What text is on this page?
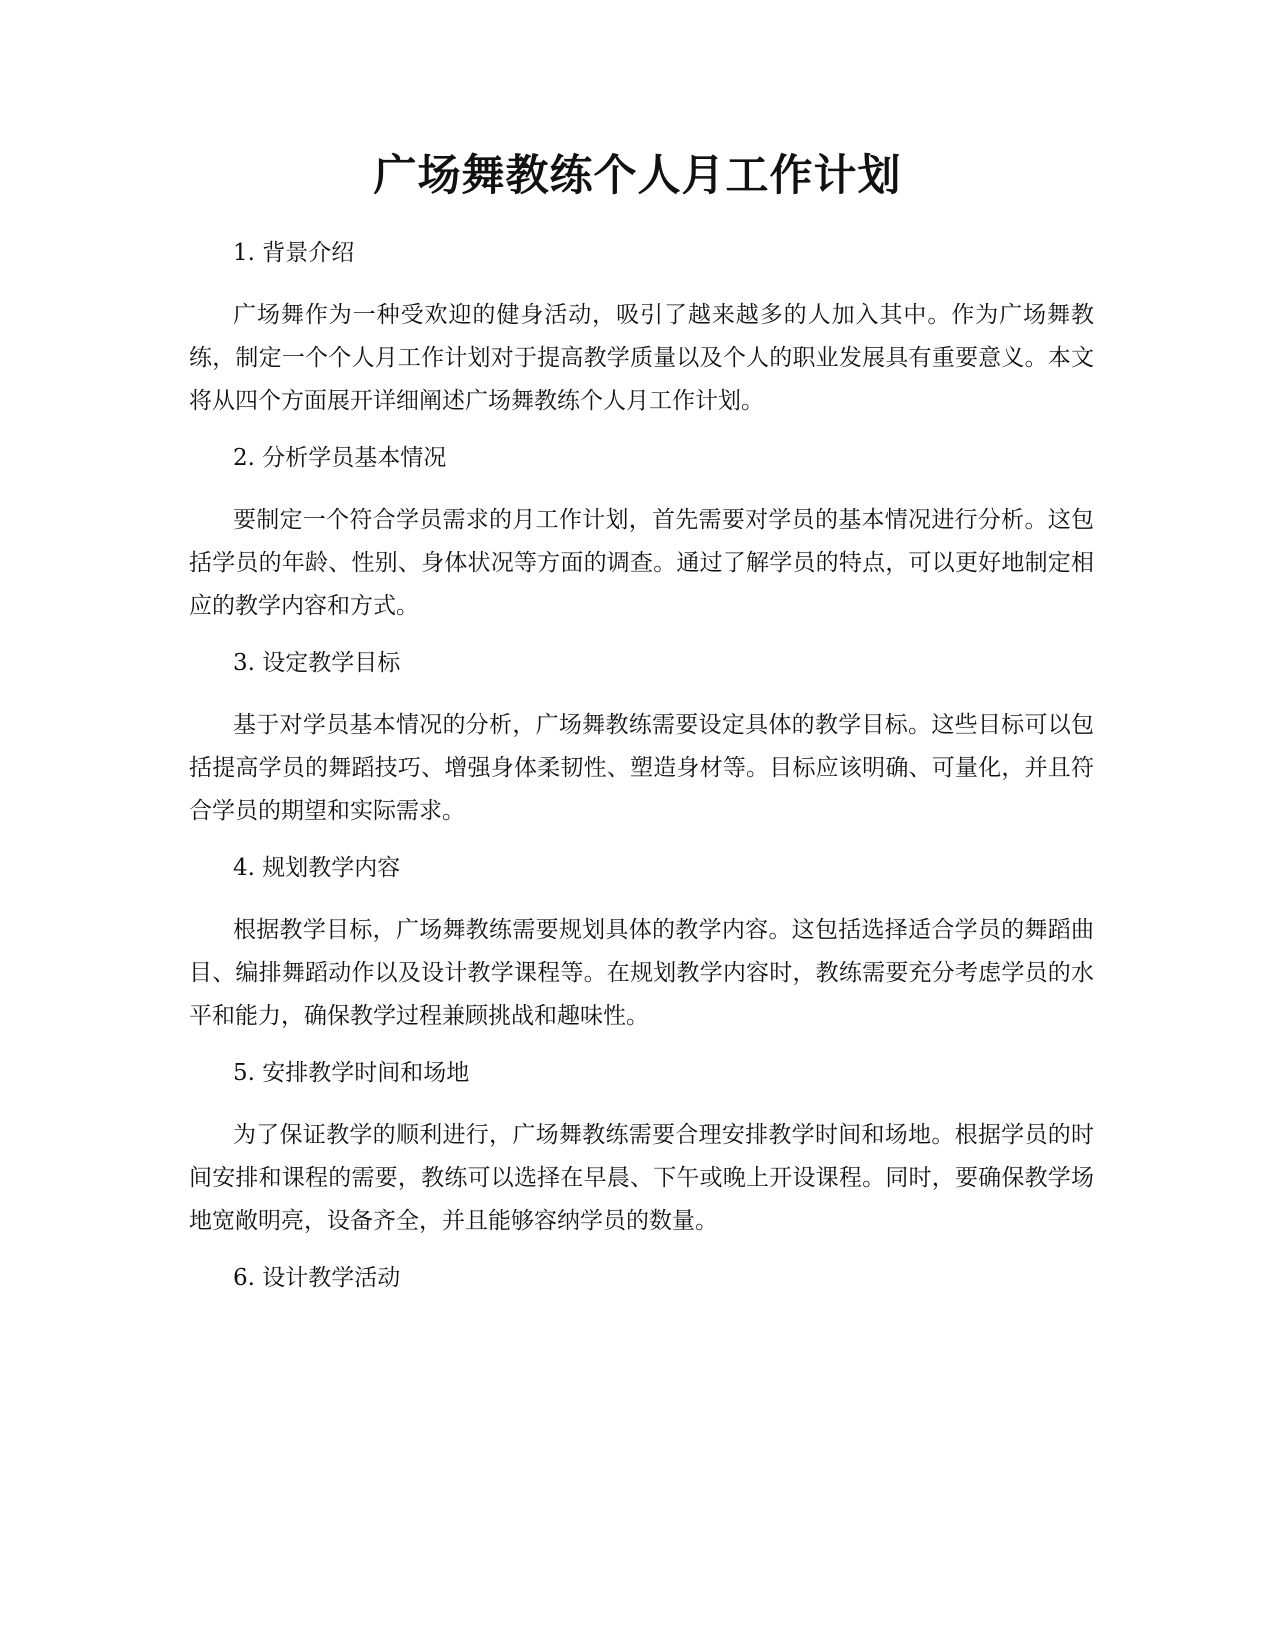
广场舞教练个人月工作计划
1. 背景介绍

广场舞作为一种受欢迎的健身活动，吸引了越来越多的人加入其中。作为广场舞教练，制定一个个人月工作计划对于提高教学质量以及个人的职业发展具有重要意义。本文将从四个方面展开详细阐述广场舞教练个人月工作计划。

2. 分析学员基本情况

要制定一个符合学员需求的月工作计划，首先需要对学员的基本情况进行分析。这包括学员的年龄、性别、身体状况等方面的调查。通过了解学员的特点，可以更好地制定相应的教学内容和方式。

3. 设定教学目标

基于对学员基本情况的分析，广场舞教练需要设定具体的教学目标。这些目标可以包括提高学员的舞蹈技巧、增强身体柔韧性、塑造身材等。目标应该明确、可量化，并且符合学员的期望和实际需求。

4. 规划教学内容

根据教学目标，广场舞教练需要规划具体的教学内容。这包括选择适合学员的舞蹈曲目、编排舞蹈动作以及设计教学课程等。在规划教学内容时，教练需要充分考虑学员的水平和能力，确保教学过程兼顾挑战和趣味性。

5. 安排教学时间和场地

为了保证教学的顺利进行，广场舞教练需要合理安排教学时间和场地。根据学员的时间安排和课程的需要，教练可以选择在早晨、下午或晚上开设课程。同时，要确保教学场地宽敞明亮，设备齐全，并且能够容纳学员的数量。

6. 设计教学活动
